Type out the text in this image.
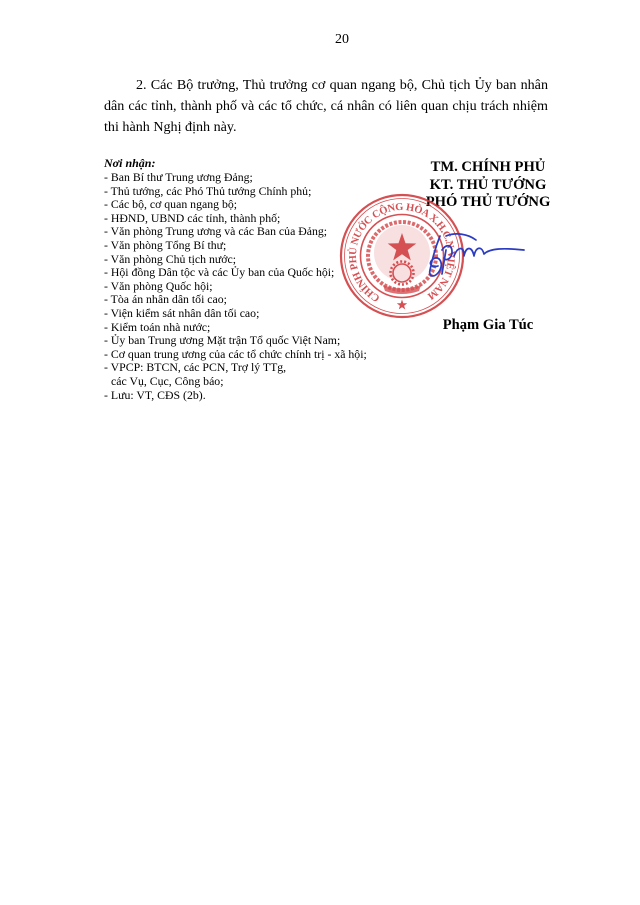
20

2. Các Bộ trưởng, Thủ trưởng cơ quan ngang bộ, Chủ tịch Ủy ban nhân dân các tỉnh, thành phố và các tổ chức, cá nhân có liên quan chịu trách nhiệm thi hành Nghị định này.

Nơi nhận:
- Ban Bí thư Trung ương Đảng;
- Thủ tướng, các Phó Thủ tướng Chính phủ;
- Các bộ, cơ quan ngang bộ;
- HĐND, UBND các tỉnh, thành phố;
- Văn phòng Trung ương và các Ban của Đảng;
- Văn phòng Tổng Bí thư;
- Văn phòng Chủ tịch nước;
- Hội đồng Dân tộc và các Ủy ban của Quốc hội;
- Văn phòng Quốc hội;
- Tòa án nhân dân tối cao;
- Viện kiểm sát nhân dân tối cao;
- Kiểm toán nhà nước;
- Ủy ban Trung ương Mặt trận Tổ quốc Việt Nam;
- Cơ quan trung ương của các tổ chức chính trị - xã hội;
- VPCP: BTCN, các PCN, Trợ lý TTg,
các Vụ, Cục, Công báo;
- Lưu: VT, CĐS (2b).
TM. CHÍNH PHỦ
KT. THỦ TƯỚNG
PHÓ THỦ TƯỚNG
CHÍNH PHỦ NƯỚC CỘNG HÒA X.H.C.N VIỆT NAM
Phạm Gia Túc
